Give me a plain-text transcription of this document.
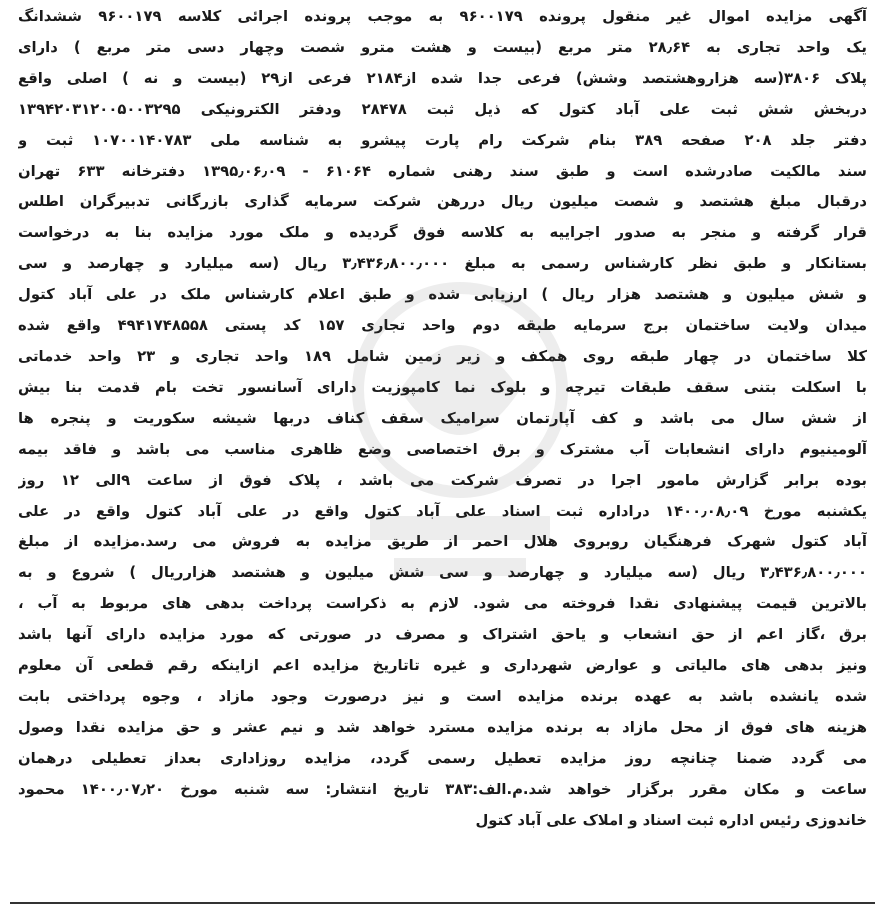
آگهی مزایده اموال غیر منقول پرونده ۹۶۰۰۱۷۹ به موجب پرونده اجرائی کلاسه ۹۶۰۰۱۷۹ ششدانگ
یک واحد تجاری به ۲۸٫۶۴ متر مربع (بیست و هشت مترو شصت وچهار دسی متر مربع ) دارای
پلاک ۳۸۰۶(سه هزاروهشتصد وشش) فرعی جدا شده از۲۱۸۴ فرعی از۲۹ (بیست و نه ) اصلی واقع
دربخش شش ثبت علی آباد کتول که ذیل ثبت ۲۸۴۷۸ ودفتر الکترونیکی ۱۳۹۴۲۰۳۱۲۰۰۵۰۰۳۲۹۵
دفتر جلد ۲۰۸ صفحه ۳۸۹ بنام شرکت رام پارت پیشرو به شناسه ملی ۱۰۷۰۰۱۴۰۷۸۳ ثبت و
سند مالکیت صادرشده است و طبق سند رهنی شماره ۶۱۰۶۴ - ۱۳۹۵٫۰۶٫۰۹ دفترخانه ۶۳۳ تهران
درقبال مبلغ هشتصد و شصت میلیون ریال دررهن شرکت سرمایه گذاری بازرگانی تدبیرگران اطلس
قرار گرفته و منجر به صدور اجراییه به کلاسه فوق گردیده و ملک مورد مزایده بنا به درخواست
بستانکار و طبق نظر کارشناس رسمی به مبلغ ۳٫۴۳۶٫۸۰۰٫۰۰۰ ریال (سه میلیارد و چهارصد و سی
و شش میلیون و هشتصد هزار ریال ) ارزیابی شده و طبق اعلام کارشناس ملک در علی آباد کتول
میدان ولایت ساختمان برج سرمایه طبقه دوم واحد تجاری ۱۵۷ کد پستی ۴۹۴۱۷۴۸۵۵۸ واقع شده
کلا ساختمان در چهار طبقه روی همکف و زیر زمین شامل ۱۸۹ واحد تجاری و ۲۳ واحد خدماتی
با اسکلت بتنی سقف طبقات تیرچه و بلوک نما کامپوزیت دارای آسانسور تخت بام قدمت بنا بیش
از شش سال می باشد و کف آپارتمان سرامیک سقف کناف دربها شیشه سکوریت و پنجره ها
آلومینیوم دارای انشعابات آب مشترک و برق اختصاصی وضع ظاهری مناسب می باشد و فاقد بیمه
بوده برابر گزارش مامور اجرا در تصرف شرکت می باشد ، پلاک فوق از ساعت ۹الی ۱۲ روز
یکشنبه مورخ ۱۴۰۰٫۰۸٫۰۹ دراداره ثبت اسناد علی آباد کتول واقع در علی آباد کتول واقع در علی
آباد کتول شهرک فرهنگیان روبروی هلال احمر از طریق مزایده به فروش می رسد.مزایده از مبلغ
۳٫۴۳۶٫۸۰۰٫۰۰۰ ریال (سه میلیارد و چهارصد و سی شش میلیون و هشتصد هزارریال ) شروع و به
بالاترین قیمت پیشنهادی نقدا فروخته می شود. لازم به ذکراست پرداخت بدهی های مربوط به آب ،
برق ،گاز اعم از حق انشعاب و یاحق اشتراک و مصرف در صورتی که مورد مزایده دارای آنها باشد
ونیز بدهی های مالیاتی و عوارض شهرداری و غیره تاتاریخ مزایده اعم ازاینکه رقم قطعی آن معلوم
شده یانشده باشد به عهده برنده مزایده است و نیز درصورت وجود مازاد ، وجوه پرداختی بابت
هزینه های فوق از محل مازاد به برنده مزایده مسترد خواهد شد و نیم عشر و حق مزایده نقدا وصول
می گردد ضمنا چنانچه روز مزایده تعطیل رسمی گردد، مزایده روزاداری بعداز تعطیلی درهمان
ساعت و مکان مقرر برگزار خواهد شد.م.الف:۳۸۳ تاریخ انتشار: سه شنبه مورخ ۱۴۰۰٫۰۷٫۲۰ محمود
خاندوزی رئیس اداره ثبت اسناد و املاک علی آباد کتول
